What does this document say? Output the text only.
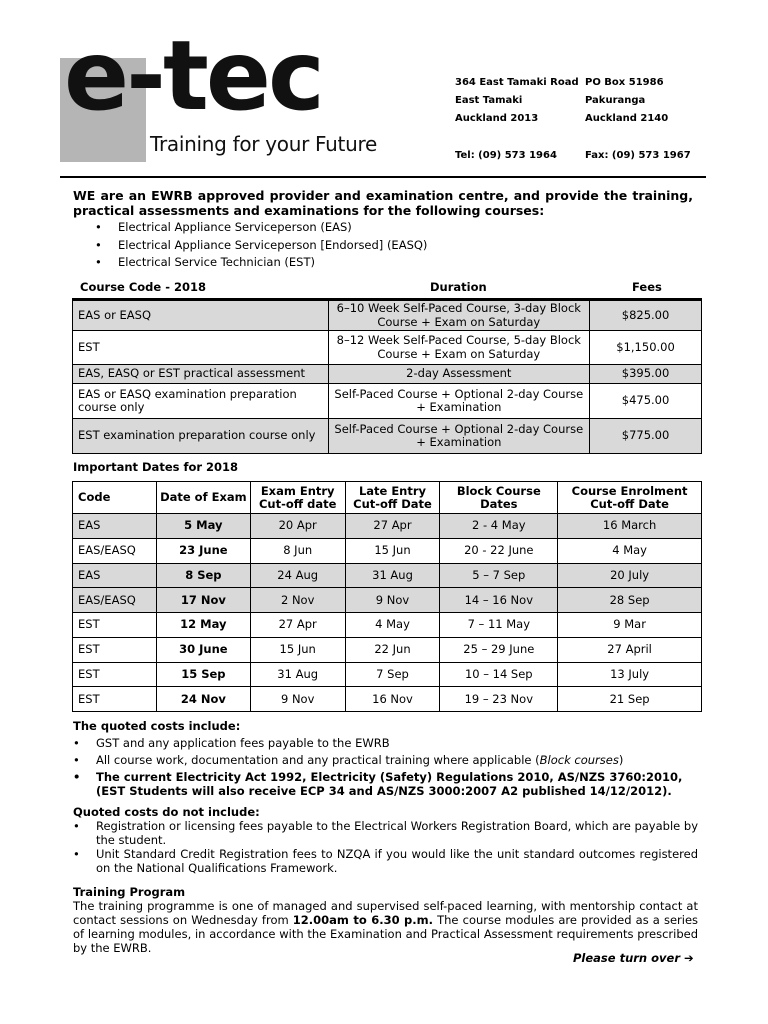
e-tec
Training for your Future
364 East Tamaki Road
East Tamaki
Auckland 2013
PO Box 51986
Pakuranga
Auckland 2140
Tel: (09) 573 1964	Fax: (09) 573 1967
WE are an EWRB approved provider and examination centre, and provide the training, practical assessments and examinations for the following courses:
• Electrical Appliance Serviceperson (EAS)
• Electrical Appliance Serviceperson [Endorsed] (EASQ)
• Electrical Service Technician (EST)
Course Code - 2018	Duration	Fees
EAS or EASQ	6–10 Week Self-Paced Course, 3-day Block Course + Exam on Saturday	$825.00
EST	8–12 Week Self-Paced Course, 5-day Block Course + Exam on Saturday	$1,150.00
EAS, EASQ or EST practical assessment	2-day Assessment	$395.00
EAS or EASQ examination preparation course only	Self-Paced Course + Optional 2-day Course + Examination	$475.00
EST examination preparation course only	Self-Paced Course + Optional 2-day Course + Examination	$775.00
Important Dates for 2018
Code	Date of Exam	Exam Entry Cut-off date	Late Entry Cut-off Date	Block Course Dates	Course Enrolment Cut-off Date
EAS	5 May	20 Apr	27 Apr	2 - 4 May	16 March
EAS/EASQ	23 June	8 Jun	15 Jun	20 - 22 June	4 May
EAS	8 Sep	24 Aug	31 Aug	5 – 7 Sep	20 July
EAS/EASQ	17 Nov	2 Nov	9 Nov	14 – 16 Nov	28 Sep
EST	12 May	27 Apr	4 May	7 – 11 May	9 Mar
EST	30 June	15 Jun	22 Jun	25 – 29 June	27 April
EST	15 Sep	31 Aug	7 Sep	10 – 14 Sep	13 July
EST	24 Nov	9 Nov	16 Nov	19 – 23 Nov	21 Sep
The quoted costs include:
• GST and any application fees payable to the EWRB
• All course work, documentation and any practical training where applicable (Block courses)
• The current Electricity Act 1992, Electricity (Safety) Regulations 2010, AS/NZS 3760:2010, (EST Students will also receive ECP 34 and AS/NZS 3000:2007 A2 published 14/12/2012).
Quoted costs do not include:
• Registration or licensing fees payable to the Electrical Workers Registration Board, which are payable by the student.
• Unit Standard Credit Registration fees to NZQA if you would like the unit standard outcomes registered on the National Qualifications Framework.
Training Program
The training programme is one of managed and supervised self-paced learning, with mentorship contact at contact sessions on Wednesday from 12.00am to 6.30 p.m. The course modules are provided as a series of learning modules, in accordance with the Examination and Practical Assessment requirements prescribed by the EWRB.
Please turn over ➔
